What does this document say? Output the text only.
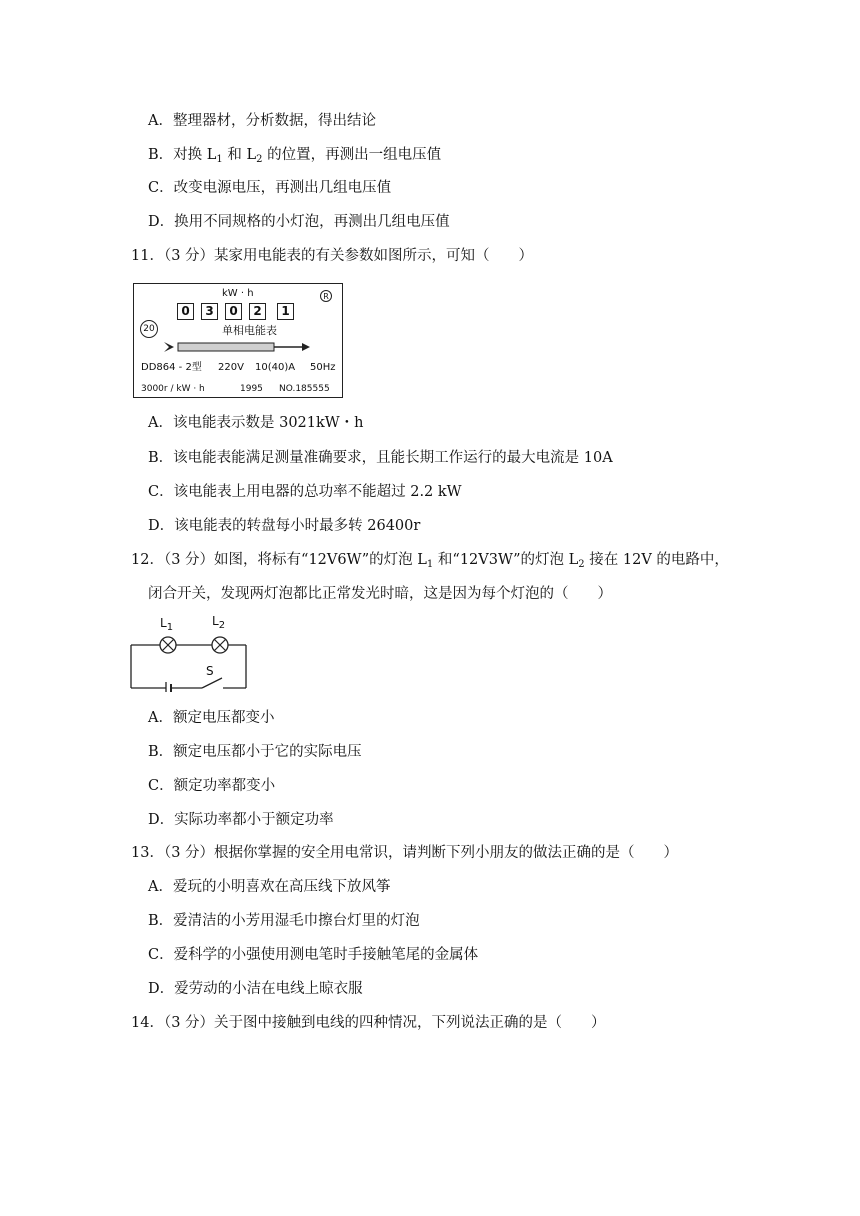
A．整理器材，分析数据，得出结论
B．对换 $L_1$ 和 $L_2$ 的位置，再测出一组电压值
C．改变电源电压，再测出几组电压值
D．换用不同规格的小灯泡，再测出几组电压值
11．（3 分）某家用电能表的有关参数如图所示，可知（　　）
kW · h	R
0	3	0	2	1
20	单相电能表
DD864 - 2型 220V 10(40)A 50Hz
3000r / kW · h	1995 NO.185555
A．该电能表示数是 3021kW・h
B．该电能表能满足测量准确要求，且能长期工作运行的最大电流是 10A
C．该电能表上用电器的总功率不能超过 2.2 kW
D．该电能表的转盘每小时最多转 26400r
12．（3 分）如图，将标有“12V6W”的灯泡 $L_1$ 和“12V3W”的灯泡 $L_2$ 接在 12V 的电路中，
闭合开关，发现两灯泡都比正常发光时暗，这是因为每个灯泡的（　　）
$L_1$	$L_2$
S
A．额定电压都变小
B．额定电压都小于它的实际电压
C．额定功率都变小
D．实际功率都小于额定功率
13．（3 分）根据你掌握的安全用电常识，请判断下列小朋友的做法正确的是（　　）
A．爱玩的小明喜欢在高压线下放风筝
B．爱清洁的小芳用湿毛巾擦台灯里的灯泡
C．爱科学的小强使用测电笔时手接触笔尾的金属体
D．爱劳动的小洁在电线上晾衣服
14．（3 分）关于图中接触到电线的四种情况，下列说法正确的是（　　）
